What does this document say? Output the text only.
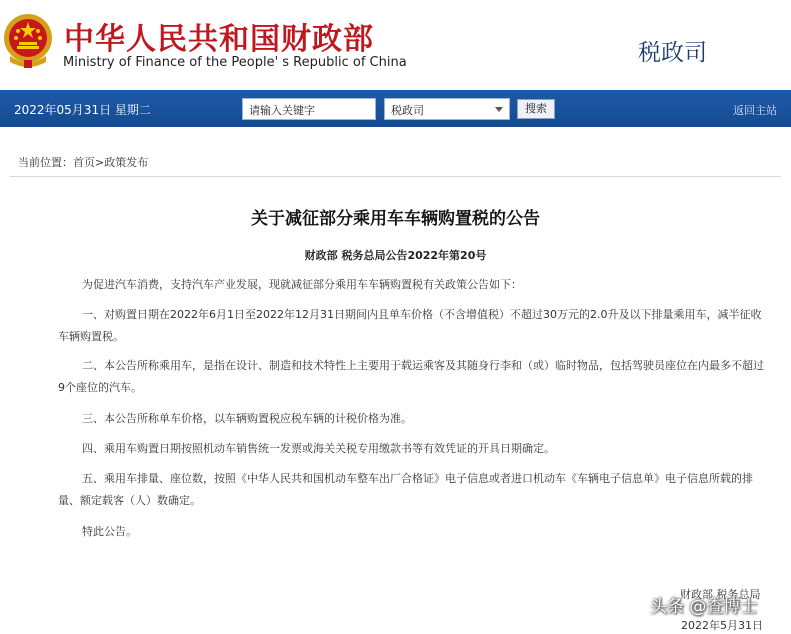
中华人民共和国财政部
Ministry of Finance of the People' s Republic of China	税政司
2022年05月31日 星期二	请输入关键字	税政司	搜索	返回主站
当前位置：首页>政策发布
关于减征部分乘用车车辆购置税的公告
财政部 税务总局公告2022年第20号
为促进汽车消费，支持汽车产业发展，现就减征部分乘用车车辆购置税有关政策公告如下：
一、对购置日期在2022年6月1日至2022年12月31日期间内且单车价格（不含增值税）不超过30万元的2.0升及以下排量乘用车，减半征收车辆购置税。
二、本公告所称乘用车，是指在设计、制造和技术特性上主要用于载运乘客及其随身行李和（或）临时物品，包括驾驶员座位在内最多不超过9个座位的汽车。
三、本公告所称单车价格，以车辆购置税应税车辆的计税价格为准。
四、乘用车购置日期按照机动车销售统一发票或海关关税专用缴款书等有效凭证的开具日期确定。
五、乘用车排量、座位数，按照《中华人民共和国机动车整车出厂合格证》电子信息或者进口机动车《车辆电子信息单》电子信息所载的排量、额定载客（人）数确定。
特此公告。
财政部 税务总局
2022年5月31日
头条 @查博士
